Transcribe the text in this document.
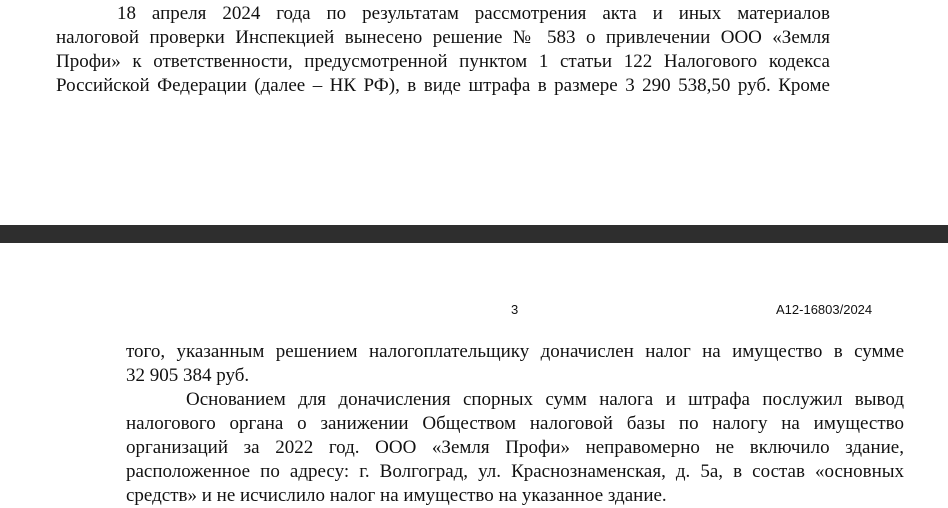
18 апреля 2024 года по результатам рассмотрения акта и иных материалов
налоговой проверки Инспекцией вынесено решение № 583 о привлечении ООО «Земля
Профи» к ответственности, предусмотренной пунктом 1 статьи 122 Налогового кодекса
Российской Федерации (далее – НК РФ), в виде штрафа в размере 3 290 538,50 руб. Кроме
3	А12-16803/2024
того, указанным решением налогоплательщику доначислен налог на имущество в сумме
32 905 384 руб.
Основанием для доначисления спорных сумм налога и штрафа послужил вывод
налогового органа о занижении Обществом налоговой базы по налогу на имущество
организаций за 2022 год. ООО «Земля Профи» неправомерно не включило здание,
расположенное по адресу: г. Волгоград, ул. Краснознаменская, д. 5а, в состав «основных
средств» и не исчислило налог на имущество на указанное здание.
